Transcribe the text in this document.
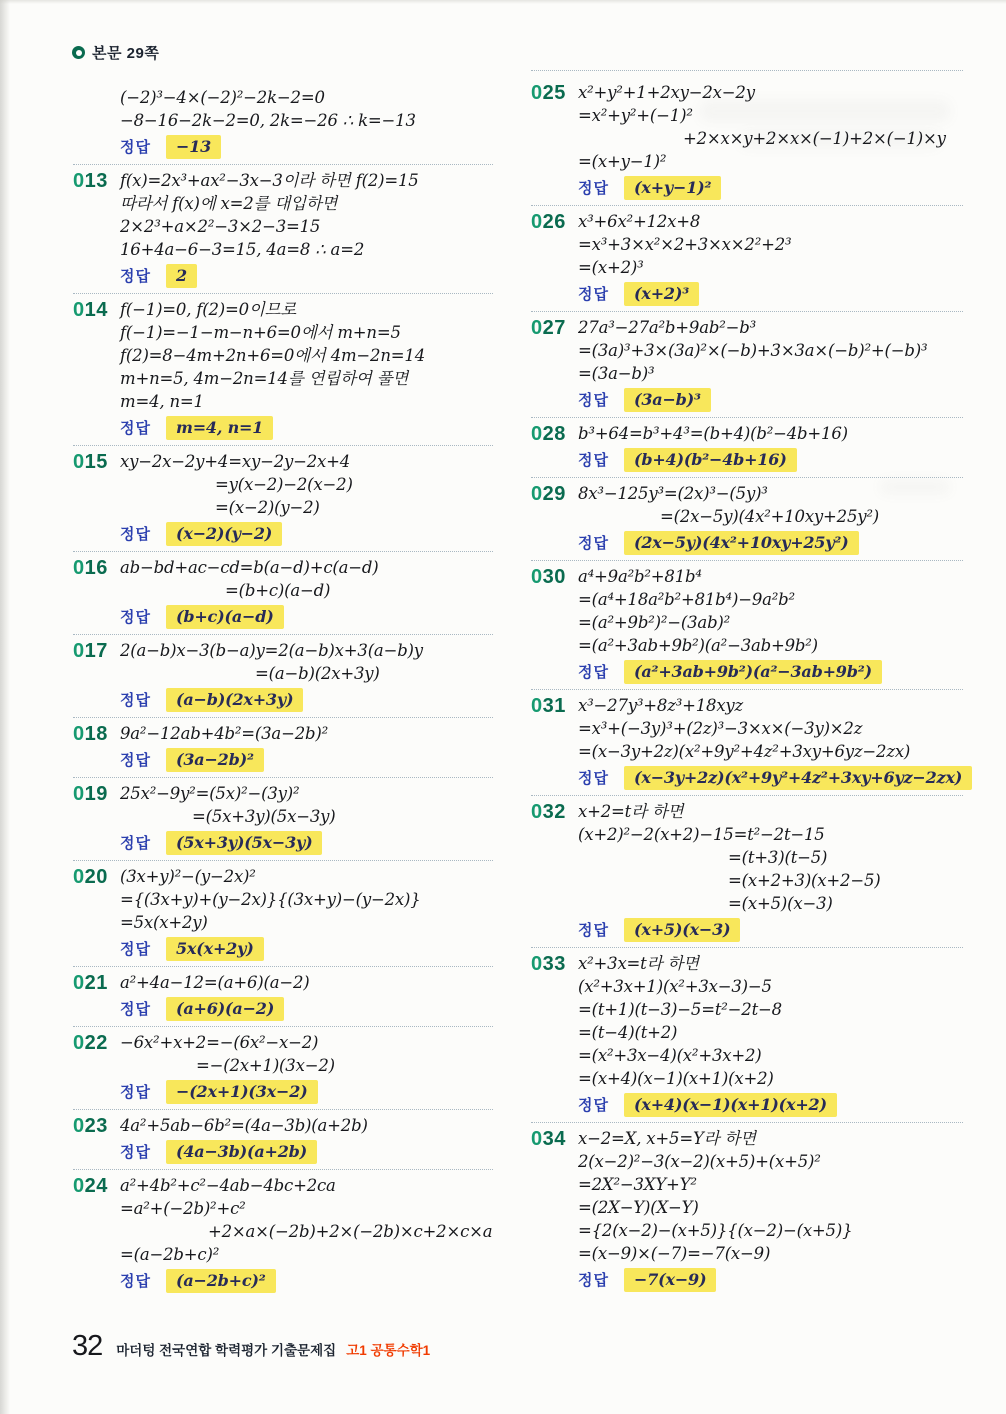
본문 29쪽
(−2)³−4×(−2)²−2k−2=0
−8−16−2k−2=0, 2k=−26 ∴ k=−13
정답	−13
013 f(x)=2x³+ax²−3x−3이라 하면 f(2)=15
따라서 f(x)에 x=2를 대입하면
2×2³+a×2²−3×2−3=15
16+4a−6−3=15, 4a=8 ∴ a=2
정답	2
014 f(−1)=0, f(2)=0이므로
f(−1)=−1−m−n+6=0에서 m+n=5
f(2)=8−4m+2n+6=0에서 4m−2n=14
m+n=5, 4m−2n=14를 연립하여 풀면
m=4, n=1
정답	m=4, n=1
015 xy−2x−2y+4=xy−2y−2x+4
=y(x−2)−2(x−2)
=(x−2)(y−2)
정답	(x−2)(y−2)
016 ab−bd+ac−cd=b(a−d)+c(a−d)
=(b+c)(a−d)
정답	(b+c)(a−d)
017 2(a−b)x−3(b−a)y=2(a−b)x+3(a−b)y
=(a−b)(2x+3y)
정답	(a−b)(2x+3y)
018 9a²−12ab+4b²=(3a−2b)²
정답	(3a−2b)²
019 25x²−9y²=(5x)²−(3y)²
=(5x+3y)(5x−3y)
정답	(5x+3y)(5x−3y)
020 (3x+y)²−(y−2x)²
={(3x+y)+(y−2x)}{(3x+y)−(y−2x)}
=5x(x+2y)
정답	5x(x+2y)
021 a²+4a−12=(a+6)(a−2)
정답	(a+6)(a−2)
022 −6x²+x+2=−(6x²−x−2)
=−(2x+1)(3x−2)
정답	−(2x+1)(3x−2)
023 4a²+5ab−6b²=(4a−3b)(a+2b)
정답	(4a−3b)(a+2b)
024 a²+4b²+c²−4ab−4bc+2ca
=a²+(−2b)²+c²
+2×a×(−2b)+2×(−2b)×c+2×c×a
=(a−2b+c)²
정답	(a−2b+c)²
025 x²+y²+1+2xy−2x−2y
=x²+y²+(−1)²
+2×x×y+2×x×(−1)+2×(−1)×y
=(x+y−1)²
정답	(x+y−1)²
026 x³+6x²+12x+8
=x³+3×x²×2+3×x×2²+2³
=(x+2)³
정답	(x+2)³
027 27a³−27a²b+9ab²−b³
=(3a)³+3×(3a)²×(−b)+3×3a×(−b)²+(−b)³
=(3a−b)³
정답	(3a−b)³
028 b³+64=b³+4³=(b+4)(b²−4b+16)
정답	(b+4)(b²−4b+16)
029 8x³−125y³=(2x)³−(5y)³
=(2x−5y)(4x²+10xy+25y²)
정답	(2x−5y)(4x²+10xy+25y²)
030 a⁴+9a²b²+81b⁴
=(a⁴+18a²b²+81b⁴)−9a²b²
=(a²+9b²)²−(3ab)²
=(a²+3ab+9b²)(a²−3ab+9b²)
정답	(a²+3ab+9b²)(a²−3ab+9b²)
031 x³−27y³+8z³+18xyz
=x³+(−3y)³+(2z)³−3×x×(−3y)×2z
=(x−3y+2z)(x²+9y²+4z²+3xy+6yz−2zx)
정답	(x−3y+2z)(x²+9y²+4z²+3xy+6yz−2zx)
032 x+2=t라 하면
(x+2)²−2(x+2)−15=t²−2t−15
=(t+3)(t−5)
=(x+2+3)(x+2−5)
=(x+5)(x−3)
정답	(x+5)(x−3)
033 x²+3x=t라 하면
(x²+3x+1)(x²+3x−3)−5
=(t+1)(t−3)−5=t²−2t−8
=(t−4)(t+2)
=(x²+3x−4)(x²+3x+2)
=(x+4)(x−1)(x+1)(x+2)
정답	(x+4)(x−1)(x+1)(x+2)
034 x−2=X, x+5=Y라 하면
2(x−2)²−3(x−2)(x+5)+(x+5)²
=2X²−3XY+Y²
=(2X−Y)(X−Y)
={2(x−2)−(x+5)}{(x−2)−(x+5)}
=(x−9)×(−7)=−7(x−9)
정답	−7(x−9)
32 마더텅 전국연합 학력평가 기출문제집 고1 공통수학1
